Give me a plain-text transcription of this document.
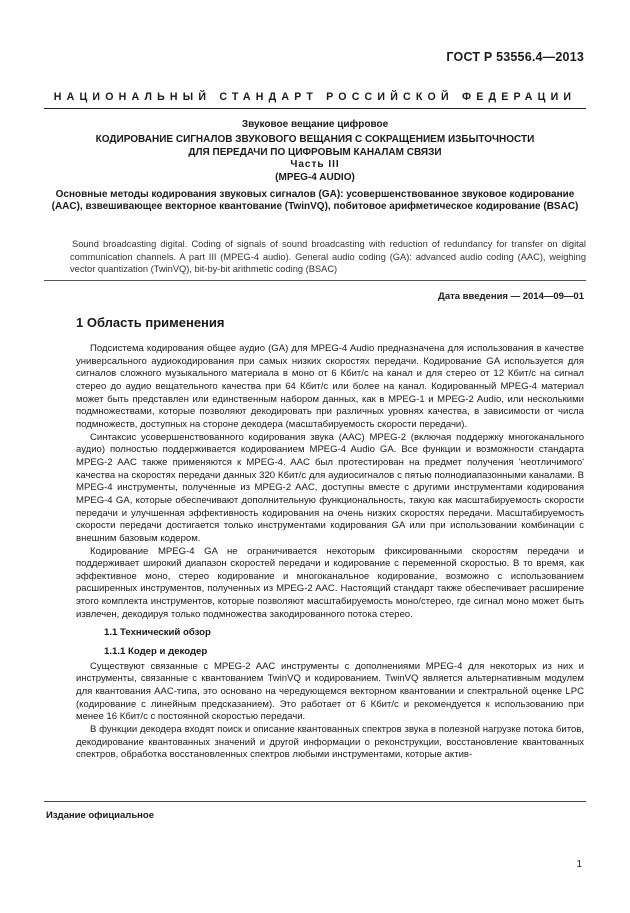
ГОСТ Р 53556.4—2013
НАЦИОНАЛЬНЫЙ СТАНДАРТ РОССИЙСКОЙ ФЕДЕРАЦИИ
Звуковое вещание цифровое
КОДИРОВАНИЕ СИГНАЛОВ ЗВУКОВОГО ВЕЩАНИЯ С СОКРАЩЕНИЕМ ИЗБЫТОЧНОСТИ
ДЛЯ ПЕРЕДАЧИ ПО ЦИФРОВЫМ КАНАЛАМ СВЯЗИ
Часть III
(MPEG-4 AUDIO)
Основные методы кодирования звуковых сигналов (GA): усовершенствованное звуковое кодирование (AAC), взвешивающее векторное квантование (TwinVQ), побитовое арифметическое кодирование (BSAC)
Sound broadcasting digital. Coding of signals of sound broadcasting with reduction of redundancy for transfer on digital communication channels. A part III (MPEG-4 audio). General audio coding (GA): advanced audio coding (AAC), weighing vector quantization (TwinVQ), bit-by-bit arithmetic coding (BSAC)
Дата введения — 2014—09—01
1 Область применения

Подсистема кодирования общее аудио (GA) для MPEG-4 Audio предназначена для использования в качестве универсального аудиокодирования при самых низких скоростях передачи. Кодирование GA используется для сигналов сложного музыкального материала в моно от 6 Кбит/с на канал и для стерео от 12 Кбит/с на сигнал стерео до аудио вещательного качества при 64 Кбит/с или более на канал. Кодированный MPEG-4 материал может быть представлен или единственным набором данных, как в MPEG-1 и MPEG-2 Audio, или несколькими подмножествами, которые позволяют декодировать при различных уровнях качества, в зависимости от числа подмножеств, доступных на стороне декодера (масштабируемость скорости передачи).

Синтаксис усовершенствованного кодирования звука (AAC) MPEG-2 (включая поддержку многоканального аудио) полностью поддерживается кодированием MPEG-4 Audio GA. Все функции и возможности стандарта MPEG-2 AAC также применяются к MPEG-4. AAC был протестирован на предмет получения 'неотличимого' качества на скоростях передачи данных 320 Кбит/с для аудиосигналов с пятью полнодиапазонными каналами. В MPEG-4 инструменты, полученные из MPEG-2 AAC, доступны вместе с другими инструментами кодирования MPEG-4 GA, которые обеспечивают дополнительную функциональность, такую как масштабируемость скорости передачи и улучшенная эффективность кодирования на очень низких скоростях передачи. Масштабируемость скорости передачи достигается только инструментами кодирования GA или при использовании комбинации с внешним базовым кодером.

Кодирование MPEG-4 GA не ограничивается некоторым фиксированными скоростям передачи и поддерживает широкий диапазон скоростей передачи и кодирование с переменной скоростью. В то время, как эффективное моно, стерео кодирование и многоканальное кодирование, возможно с использованием расширенных инструментов, полученных из MPEG-2 AAC. Настоящий стандарт также обеспечивает расширение этого комплекта инструментов, которые позволяют масштабируемость моно/стерео, где сигнал моно может быть извлечен, декодируя только подмножества закодированного потока стерео.

1.1 Технический обзор
1.1.1 Кодер и декодер

Существуют связанные с MPEG-2 AAC инструменты с дополнениями MPEG-4 для некоторых из них и инструменты, связанные с квантованием TwinVQ и кодированием. TwinVQ является альтернативным модулем для квантования AAC-типа, это основано на чередующемся векторном квантовании и спектральной оценке LPC (кодирование с линейным предсказанием). Это работает от 6 Кбит/с и рекомендуется к использованию при менее 16 Кбит/с с постоянной скоростью передачи.

В функции декодера входят поиск и описание квантованных спектров звука в полезной нагрузке потока битов, декодирование квантованных значений и другой информации о реконструкции, восстановление квантованных спектров, обработка восстановленных спектров любыми инструментами, которые актив-

Издание официальное
1
